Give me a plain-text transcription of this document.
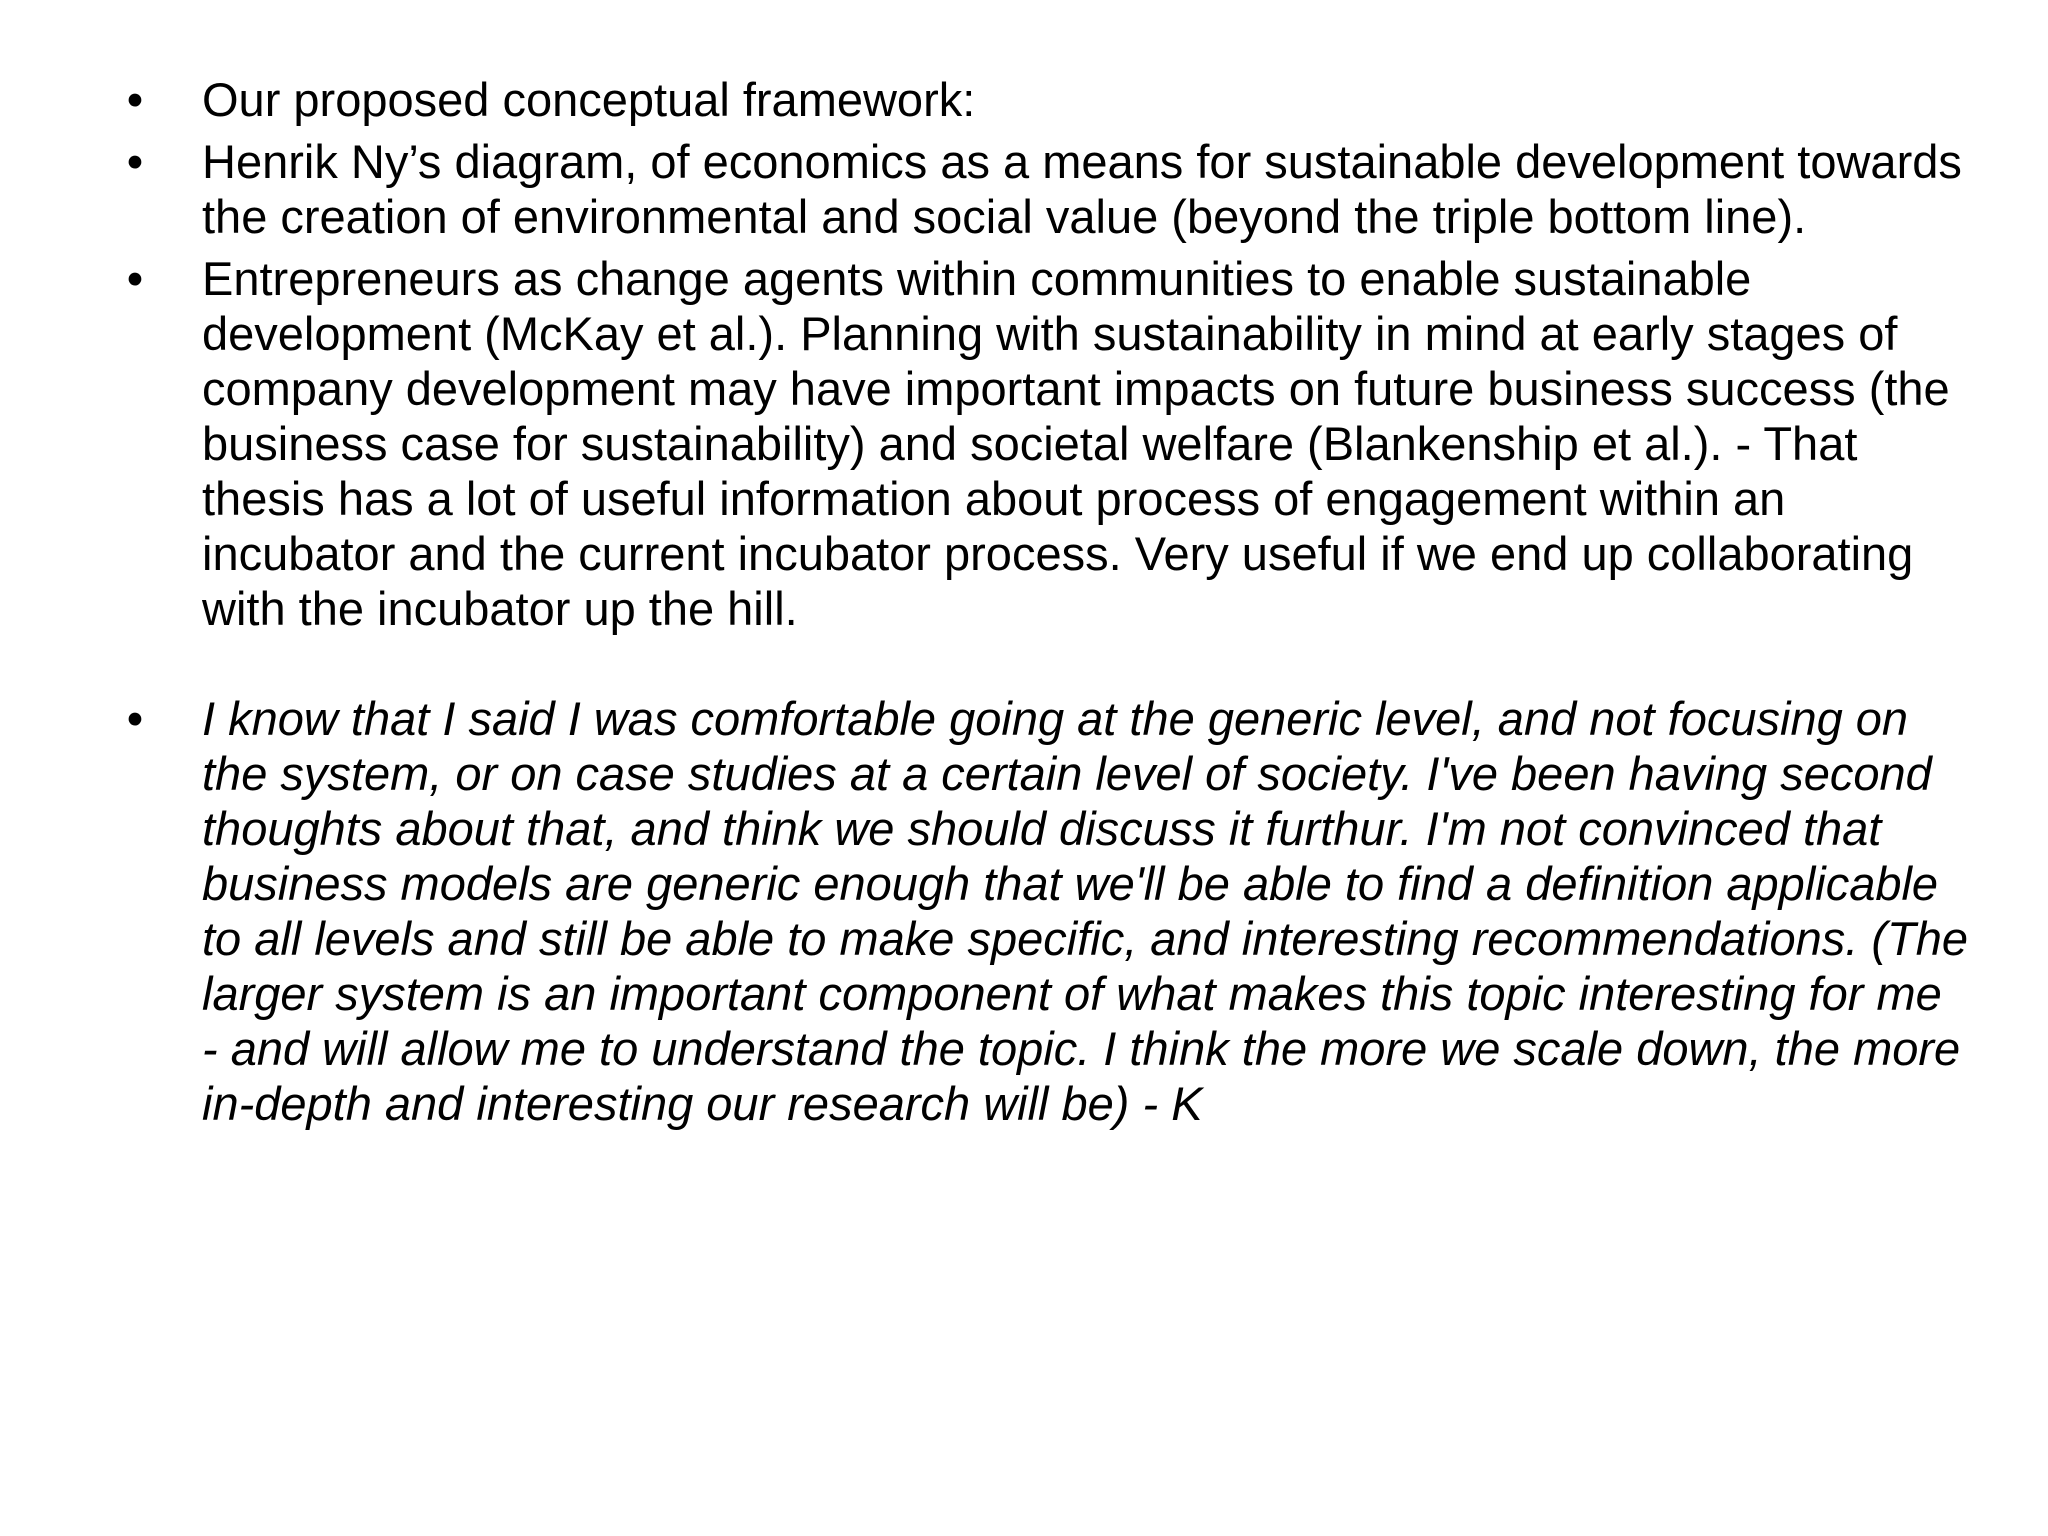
• Our proposed conceptual framework:
• Henrik Ny’s diagram, of economics as a means for sustainable development towards the creation of environmental and social value (beyond the triple bottom line).
• Entrepreneurs as change agents within communities to enable sustainable development (McKay et al.). Planning with sustainability in mind at early stages of company development may have important impacts on future business success (the business case for sustainability) and societal welfare (Blankenship et al.). - That thesis has a lot of useful information about process of engagement within an incubator and the current incubator process. Very useful if we end up collaborating with the incubator up the hill.
• I know that I said I was comfortable going at the generic level, and not focusing on the system, or on case studies at a certain level of society. I've been having second thoughts about that, and think we should discuss it furthur. I'm not convinced that business models are generic enough that we'll be able to find a definition applicable to all levels and still be able to make specific, and interesting recommendations. (The larger system is an important component of what makes this topic interesting for me - and will allow me to understand the topic. I think the more we scale down, the more in-depth and interesting our research will be) - K
